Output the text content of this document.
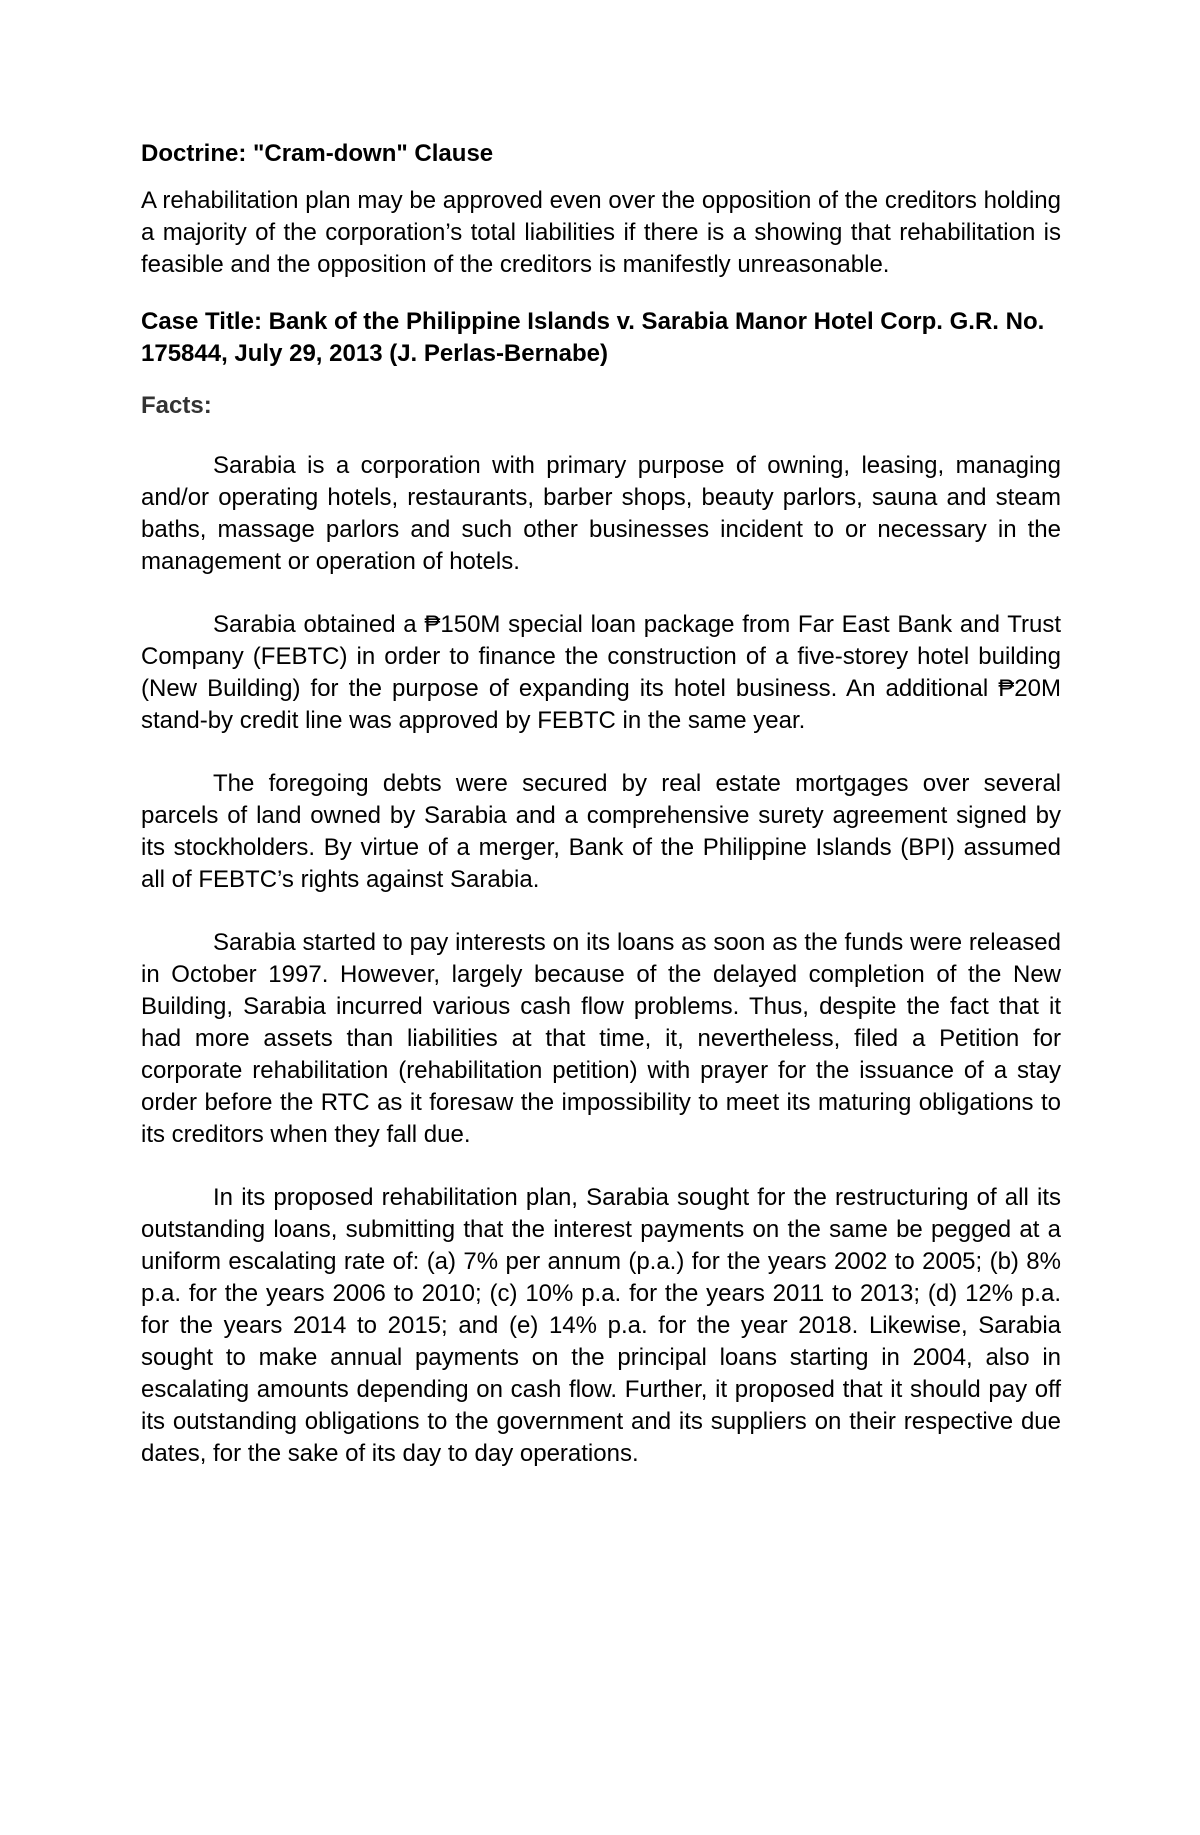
Doctrine: "Cram-down" Clause

A rehabilitation plan may be approved even over the opposition of the creditors holding a majority of the corporation’s total liabilities if there is a showing that rehabilitation is feasible and the opposition of the creditors is manifestly unreasonable.

Case Title: Bank of the Philippine Islands v. Sarabia Manor Hotel Corp. G.R. No. 175844, July 29, 2013 (J. Perlas-Bernabe)

Facts:

Sarabia is a corporation with primary purpose of owning, leasing, managing and/or operating hotels, restaurants, barber shops, beauty parlors, sauna and steam baths, massage parlors and such other businesses incident to or necessary in the management or operation of hotels.

Sarabia obtained a ₱150M special loan package from Far East Bank and Trust Company (FEBTC) in order to finance the construction of a five-storey hotel building (New Building) for the purpose of expanding its hotel business. An additional ₱20M stand-by credit line was approved by FEBTC in the same year.

The foregoing debts were secured by real estate mortgages over several parcels of land owned by Sarabia and a comprehensive surety agreement signed by its stockholders. By virtue of a merger, Bank of the Philippine Islands (BPI) assumed all of FEBTC’s rights against Sarabia.

Sarabia started to pay interests on its loans as soon as the funds were released in October 1997. However, largely because of the delayed completion of the New Building, Sarabia incurred various cash flow problems. Thus, despite the fact that it had more assets than liabilities at that time, it, nevertheless, filed a Petition for corporate rehabilitation (rehabilitation petition) with prayer for the issuance of a stay order before the RTC as it foresaw the impossibility to meet its maturing obligations to its creditors when they fall due.

In its proposed rehabilitation plan, Sarabia sought for the restructuring of all its outstanding loans, submitting that the interest payments on the same be pegged at a uniform escalating rate of: (a) 7% per annum (p.a.) for the years 2002 to 2005; (b) 8% p.a. for the years 2006 to 2010; (c) 10% p.a. for the years 2011 to 2013; (d) 12% p.a. for the years 2014 to 2015; and (e) 14% p.a. for the year 2018. Likewise, Sarabia sought to make annual payments on the principal loans starting in 2004, also in escalating amounts depending on cash flow. Further, it proposed that it should pay off its outstanding obligations to the government and its suppliers on their respective due dates, for the sake of its day to day operations.
